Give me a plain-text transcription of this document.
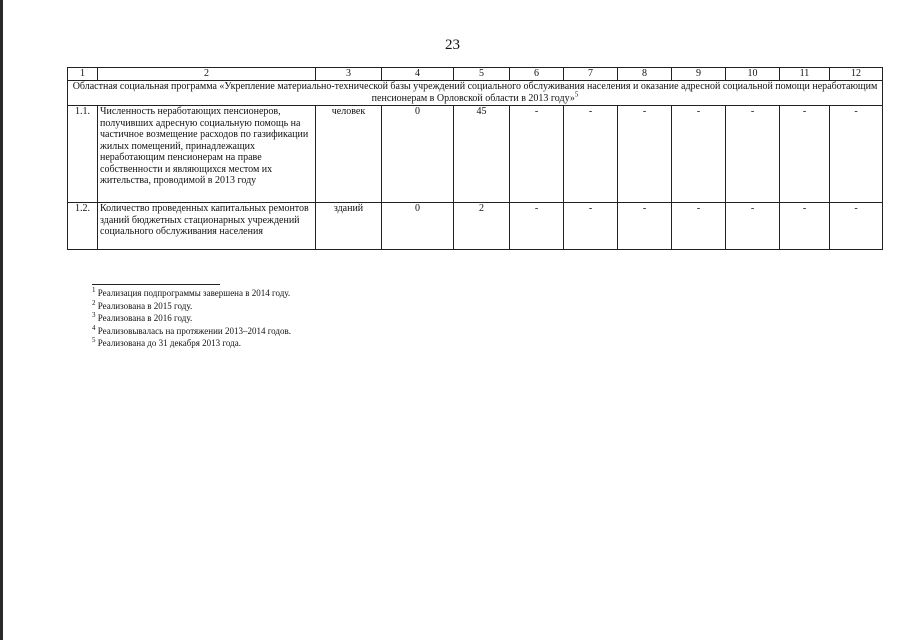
23
1	2	3	4	5	6	7	8	9	10	11	12
Областная социальная программа «Укрепление материально-технической базы учреждений социального обслуживания населения и оказание адресной социальной помощи неработающим пенсионерам в Орловской области в 2013 году»$^5$
1.1.	Численность неработающих пенсионеров, получивших адресную социальную помощь на частичное возмещение расходов по газификации жилых помещений, принадлежащих неработающим пенсионерам на праве собственности и являющихся местом их жительства, проводимой в 2013 году	человек	0	45	-	-	-	-	-	-	-
1.2.	Количество проведенных капитальных ремонтов зданий бюджетных стационарных учреждений социального обслуживания населения	зданий	0	2	-	-	-	-	-	-	-
$^1$ Реализация подпрограммы завершена в 2014 году.
$^2$ Реализована в 2015 году.
$^3$ Реализована в 2016 году.
$^4$ Реализовывалась на протяжении 2013–2014 годов.
$^5$ Реализована до 31 декабря 2013 года.
